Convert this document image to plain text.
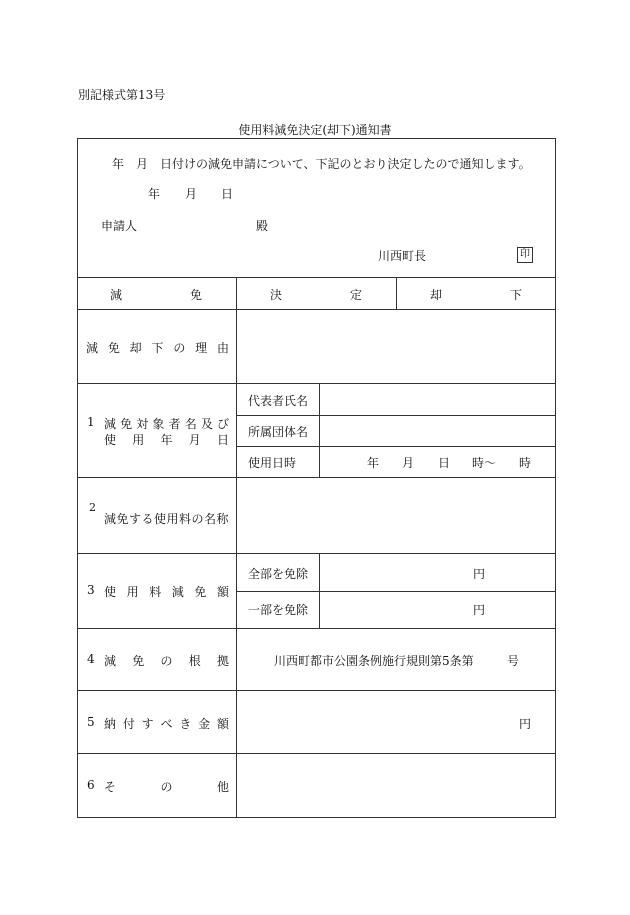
別記様式第13号
使用料減免決定(却下)通知書
年 月 日付けの減免申請について、下記のとおり決定したので通知します。
年 月 日
申請人	殿
川西町長	印
減	免	決	定	却	下
減 免 却 下 の 理 由
1 減 免 対 象 者 名 及 び
使 用 年 月 日
代表者氏名
所属団体名
使用日時	年 月 日 時〜 時
2
減免する使用料の名称
3 使 用 料 減 免 額
全部を免除	円
一部を免除	円
4 減 免 の 根 拠	川西町都市公園条例施行規則第5条第	号
5 納 付 す べ き 金 額	円
6 そ	の	他
